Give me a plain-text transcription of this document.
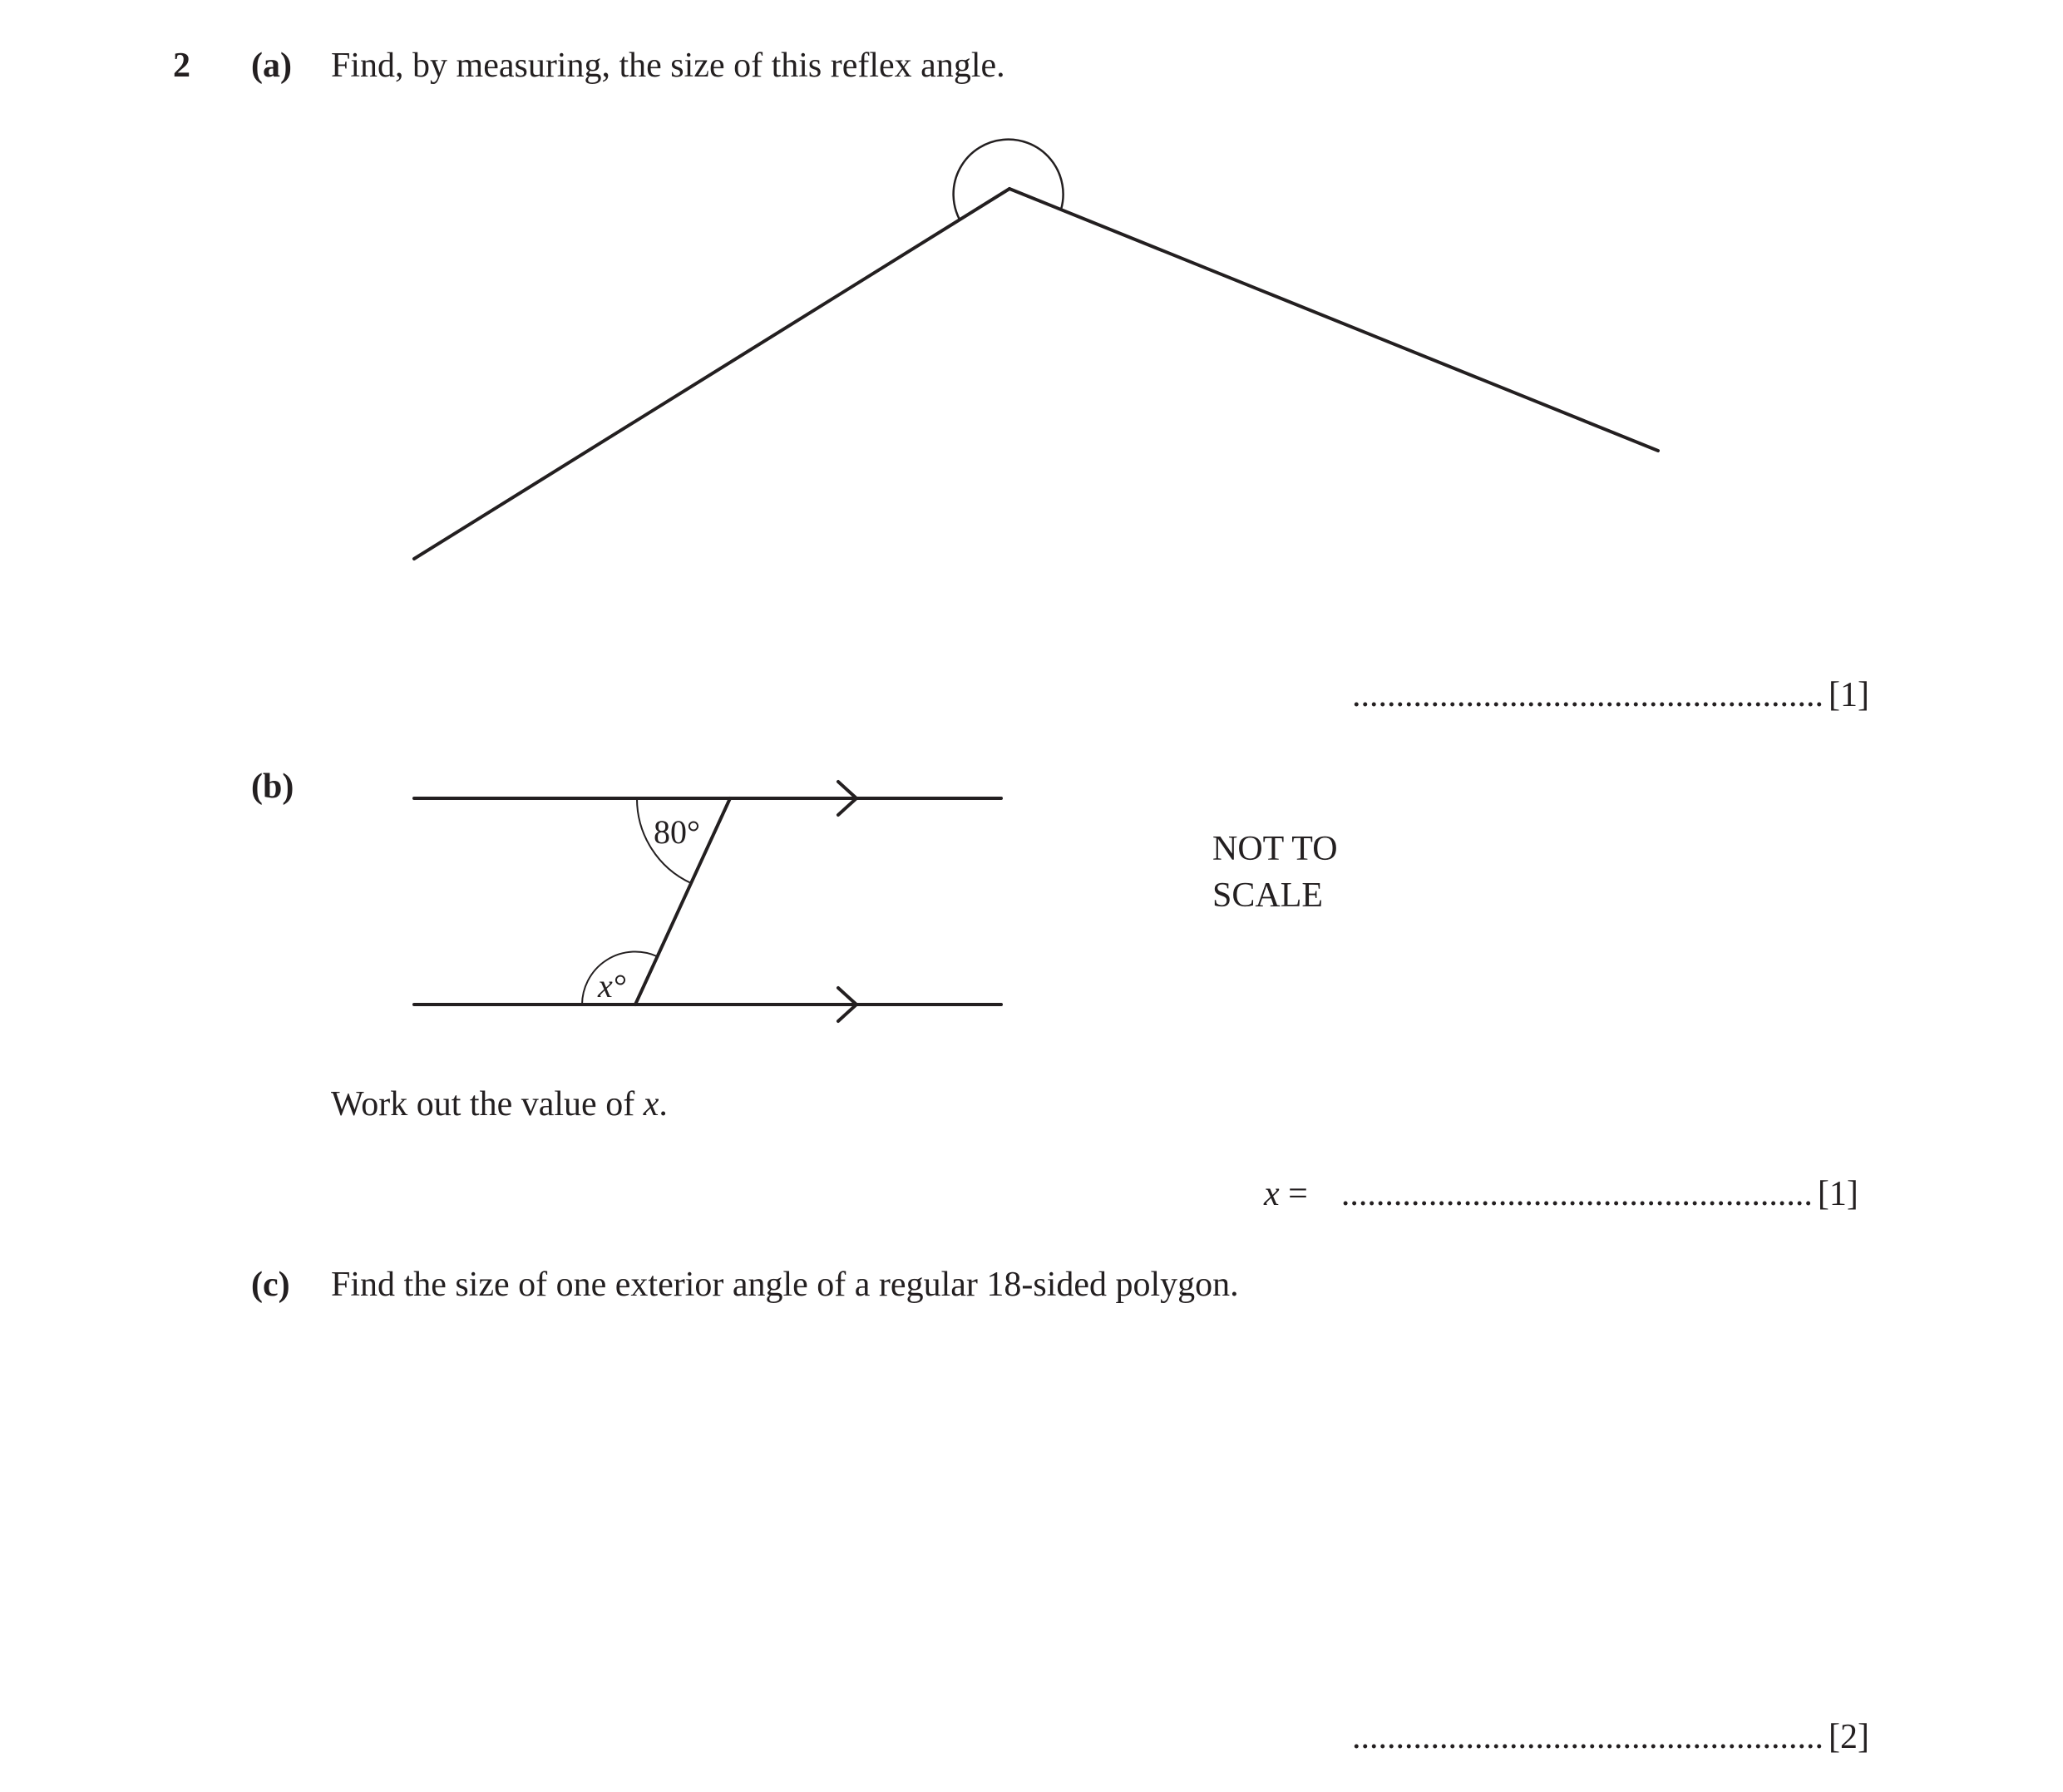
2 (a) Find, by measuring, the size of this reflex angle.
...................................................... [1]
(b)
80°
x°
NOT TO
SCALE
Work out the value of x.
x = ...................................................... [1]
(c) Find the size of one exterior angle of a regular 18-sided polygon.
...................................................... [2]
